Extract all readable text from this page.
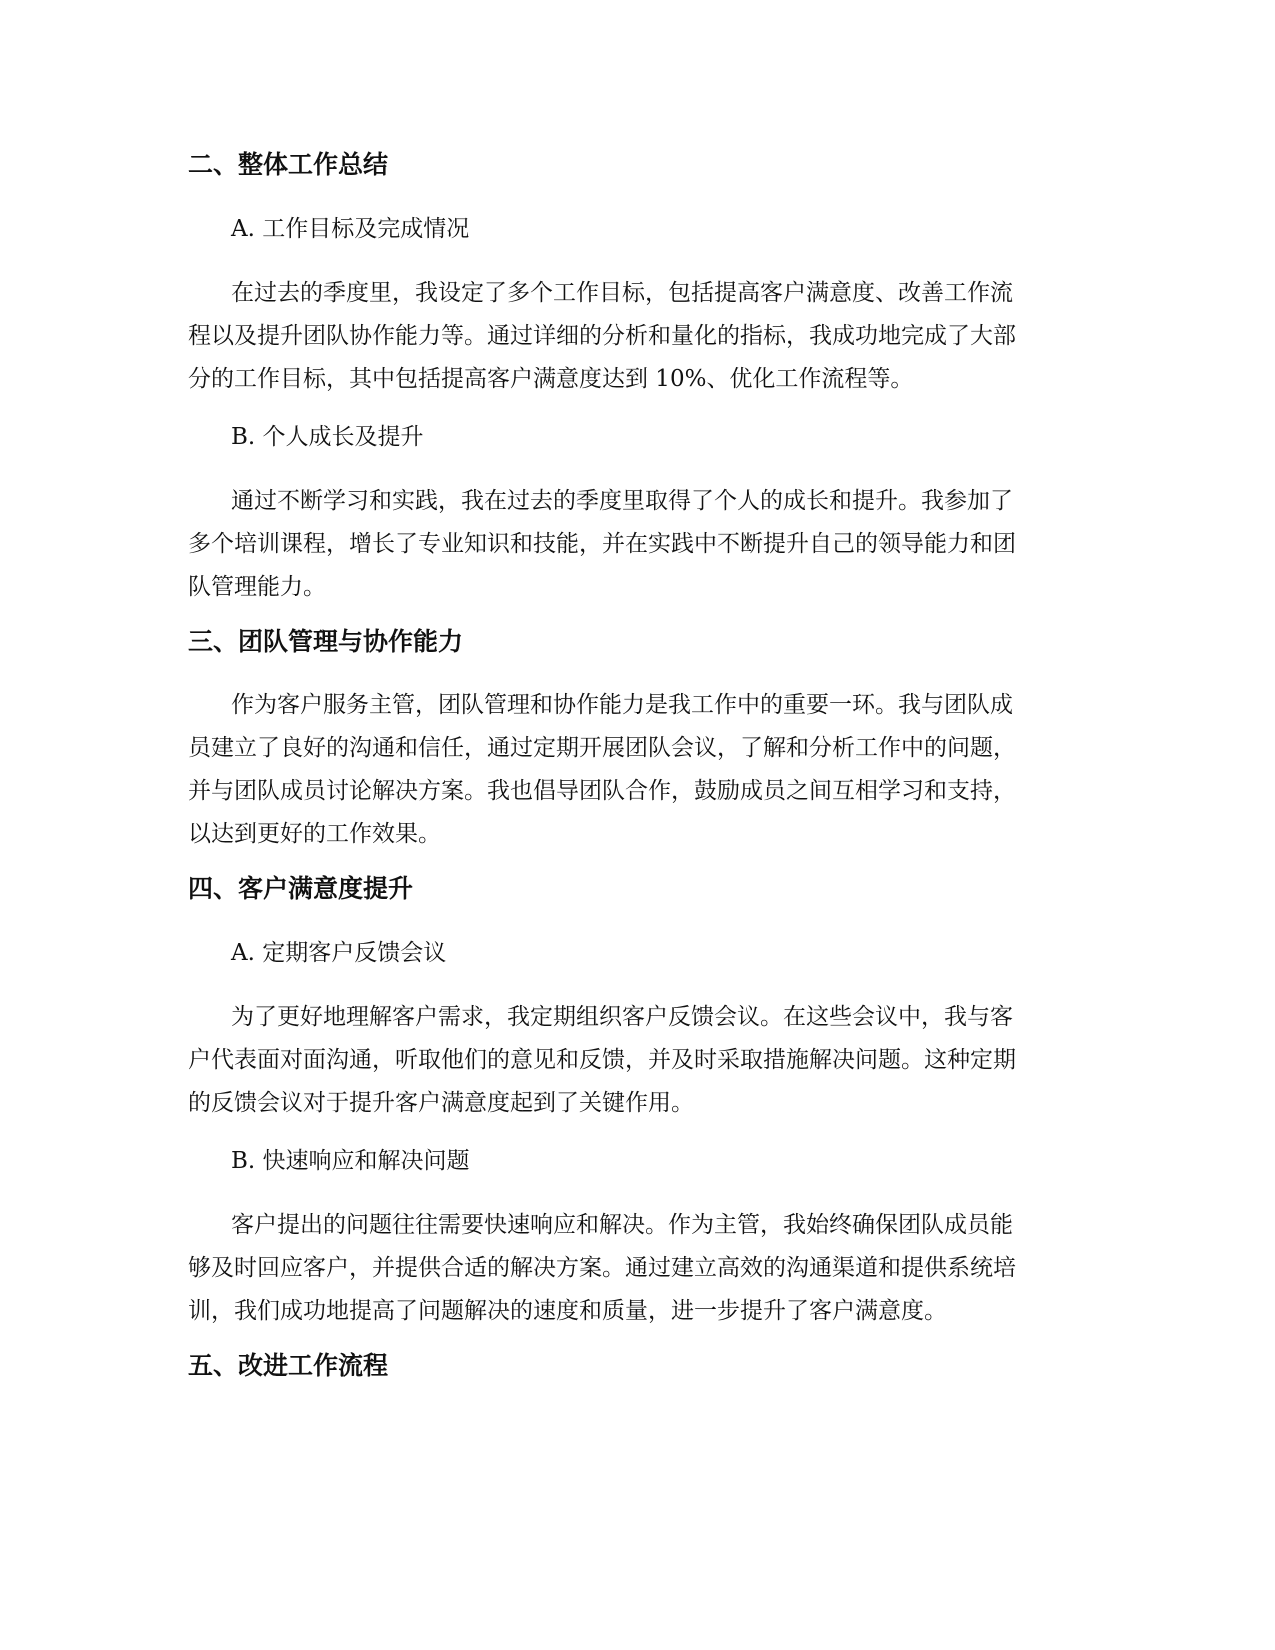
二、整体工作总结
A. 工作目标及完成情况
在过去的季度里，我设定了多个工作目标，包括提高客户满意度、改善工作流
程以及提升团队协作能力等。通过详细的分析和量化的指标，我成功地完成了大部
分的工作目标，其中包括提高客户满意度达到 10%、优化工作流程等。
B. 个人成长及提升
通过不断学习和实践，我在过去的季度里取得了个人的成长和提升。我参加了
多个培训课程，增长了专业知识和技能，并在实践中不断提升自己的领导能力和团
队管理能力。
三、团队管理与协作能力
作为客户服务主管，团队管理和协作能力是我工作中的重要一环。我与团队成
员建立了良好的沟通和信任，通过定期开展团队会议，了解和分析工作中的问题，
并与团队成员讨论解决方案。我也倡导团队合作，鼓励成员之间互相学习和支持，
以达到更好的工作效果。
四、客户满意度提升
A. 定期客户反馈会议
为了更好地理解客户需求，我定期组织客户反馈会议。在这些会议中，我与客
户代表面对面沟通，听取他们的意见和反馈，并及时采取措施解决问题。这种定期
的反馈会议对于提升客户满意度起到了关键作用。
B. 快速响应和解决问题
客户提出的问题往往需要快速响应和解决。作为主管，我始终确保团队成员能
够及时回应客户，并提供合适的解决方案。通过建立高效的沟通渠道和提供系统培
训，我们成功地提高了问题解决的速度和质量，进一步提升了客户满意度。
五、改进工作流程
